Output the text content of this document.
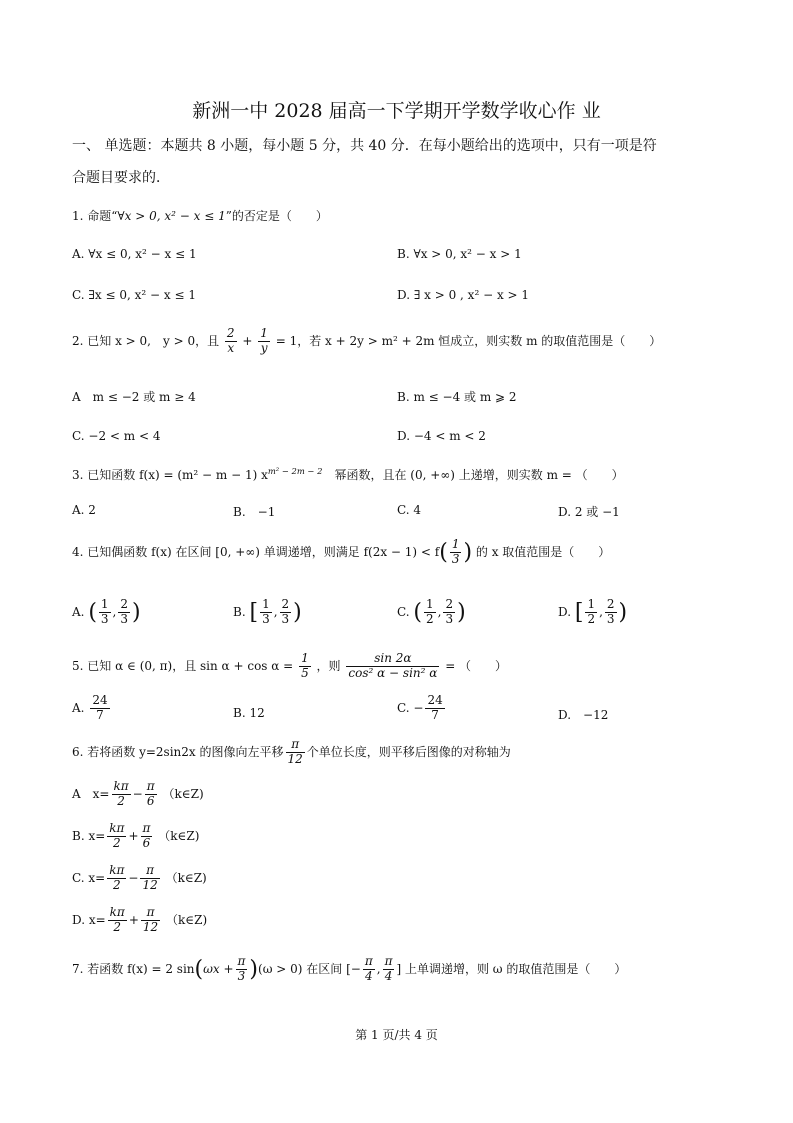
新洲一中 2028 届高一下学期开学数学收心作 业
一、 单选题：本题共 8 小题，每小题 5 分，共 40 分．在每小题给出的选项中，只有一项是符
合题目要求的．
1. 命题“∀x > 0, x² − x ≤ 1”的否定是（　　）
A. ∀x ≤ 0, x² − x ≤ 1	B. ∀x > 0, x² − x > 1
C. ∃x ≤ 0, x² − x ≤ 1	D. ∃ x > 0 , x² − x > 1
2. 已知 x > 0,　y > 0，且 $\frac{2}{x} + \frac{1}{y} = 1$，若 x + 2y > m² + 2m 恒成立，则实数 m 的取值范围是（　　）
A　m ≤ −2 或 m ≥ 4	B. m ≤ −4 或 m ⩾ 2
C. −2 < m < 4	D. −4 < m < 2
3. 已知函数 f(x) = (m² − m − 1) $x^{m^2 - 2m - 2}$　幂函数，且在 (0, +∞) 上递增，则实数 m = （　　）
A. 2	B.　−1	C. 4	D. 2 或 −1
4. 已知偶函数 f(x) 在区间 [0, +∞) 单调递增，则满足 $f(2x - 1) < f( \frac{1}{3}$ ) 的 x 取值范围是（　　）
A. ( $\frac{1}{3}$ , $\frac{2}{3}$ )	B. [ $\frac{1}{3}$ , $\frac{2}{3}$ )	C. ( $\frac{1}{2}$ , $\frac{2}{3}$ )	D. [ $\frac{1}{2}$ , $\frac{2}{3}$ )
5. 已知 α ∈ (0, π)，且 $\sin \alpha + \cos \alpha = \frac{1}{5}$ ，则 $\frac{\sin 2\alpha}{\text{cos² α − sin² α}}$ = （　　）
A. $\frac{24}{7}$	B. 12	C. − $\frac{24}{7}$	D.　−12
6. 若将函数 y=2sin2x 的图像向左平移 $\frac{\pi}{12}$ 个单位长度，则平移后图像的对称轴为
A　$x= \frac{k\pi}{2} - \frac{\pi}{6}$ （k∈Z)
B. $x= \frac{k\pi}{2} + \frac{\pi}{6}$ （k∈Z)
C. $x= \frac{k\pi}{2} - \frac{\pi}{12}$ （k∈Z)
D. $x= \frac{k\pi}{2} + \frac{\pi}{12}$ （k∈Z)
7. 若函数 f(x) = 2 $\sin(\omega x + \frac{\pi}{3} )(\omega > 0)$ 在区间 [− $\frac{\pi}{4}$ , $\frac{\pi}{4}$ ] 上单调递增，则 ω 的取值范围是（　　）
第 1 页/共 4 页
